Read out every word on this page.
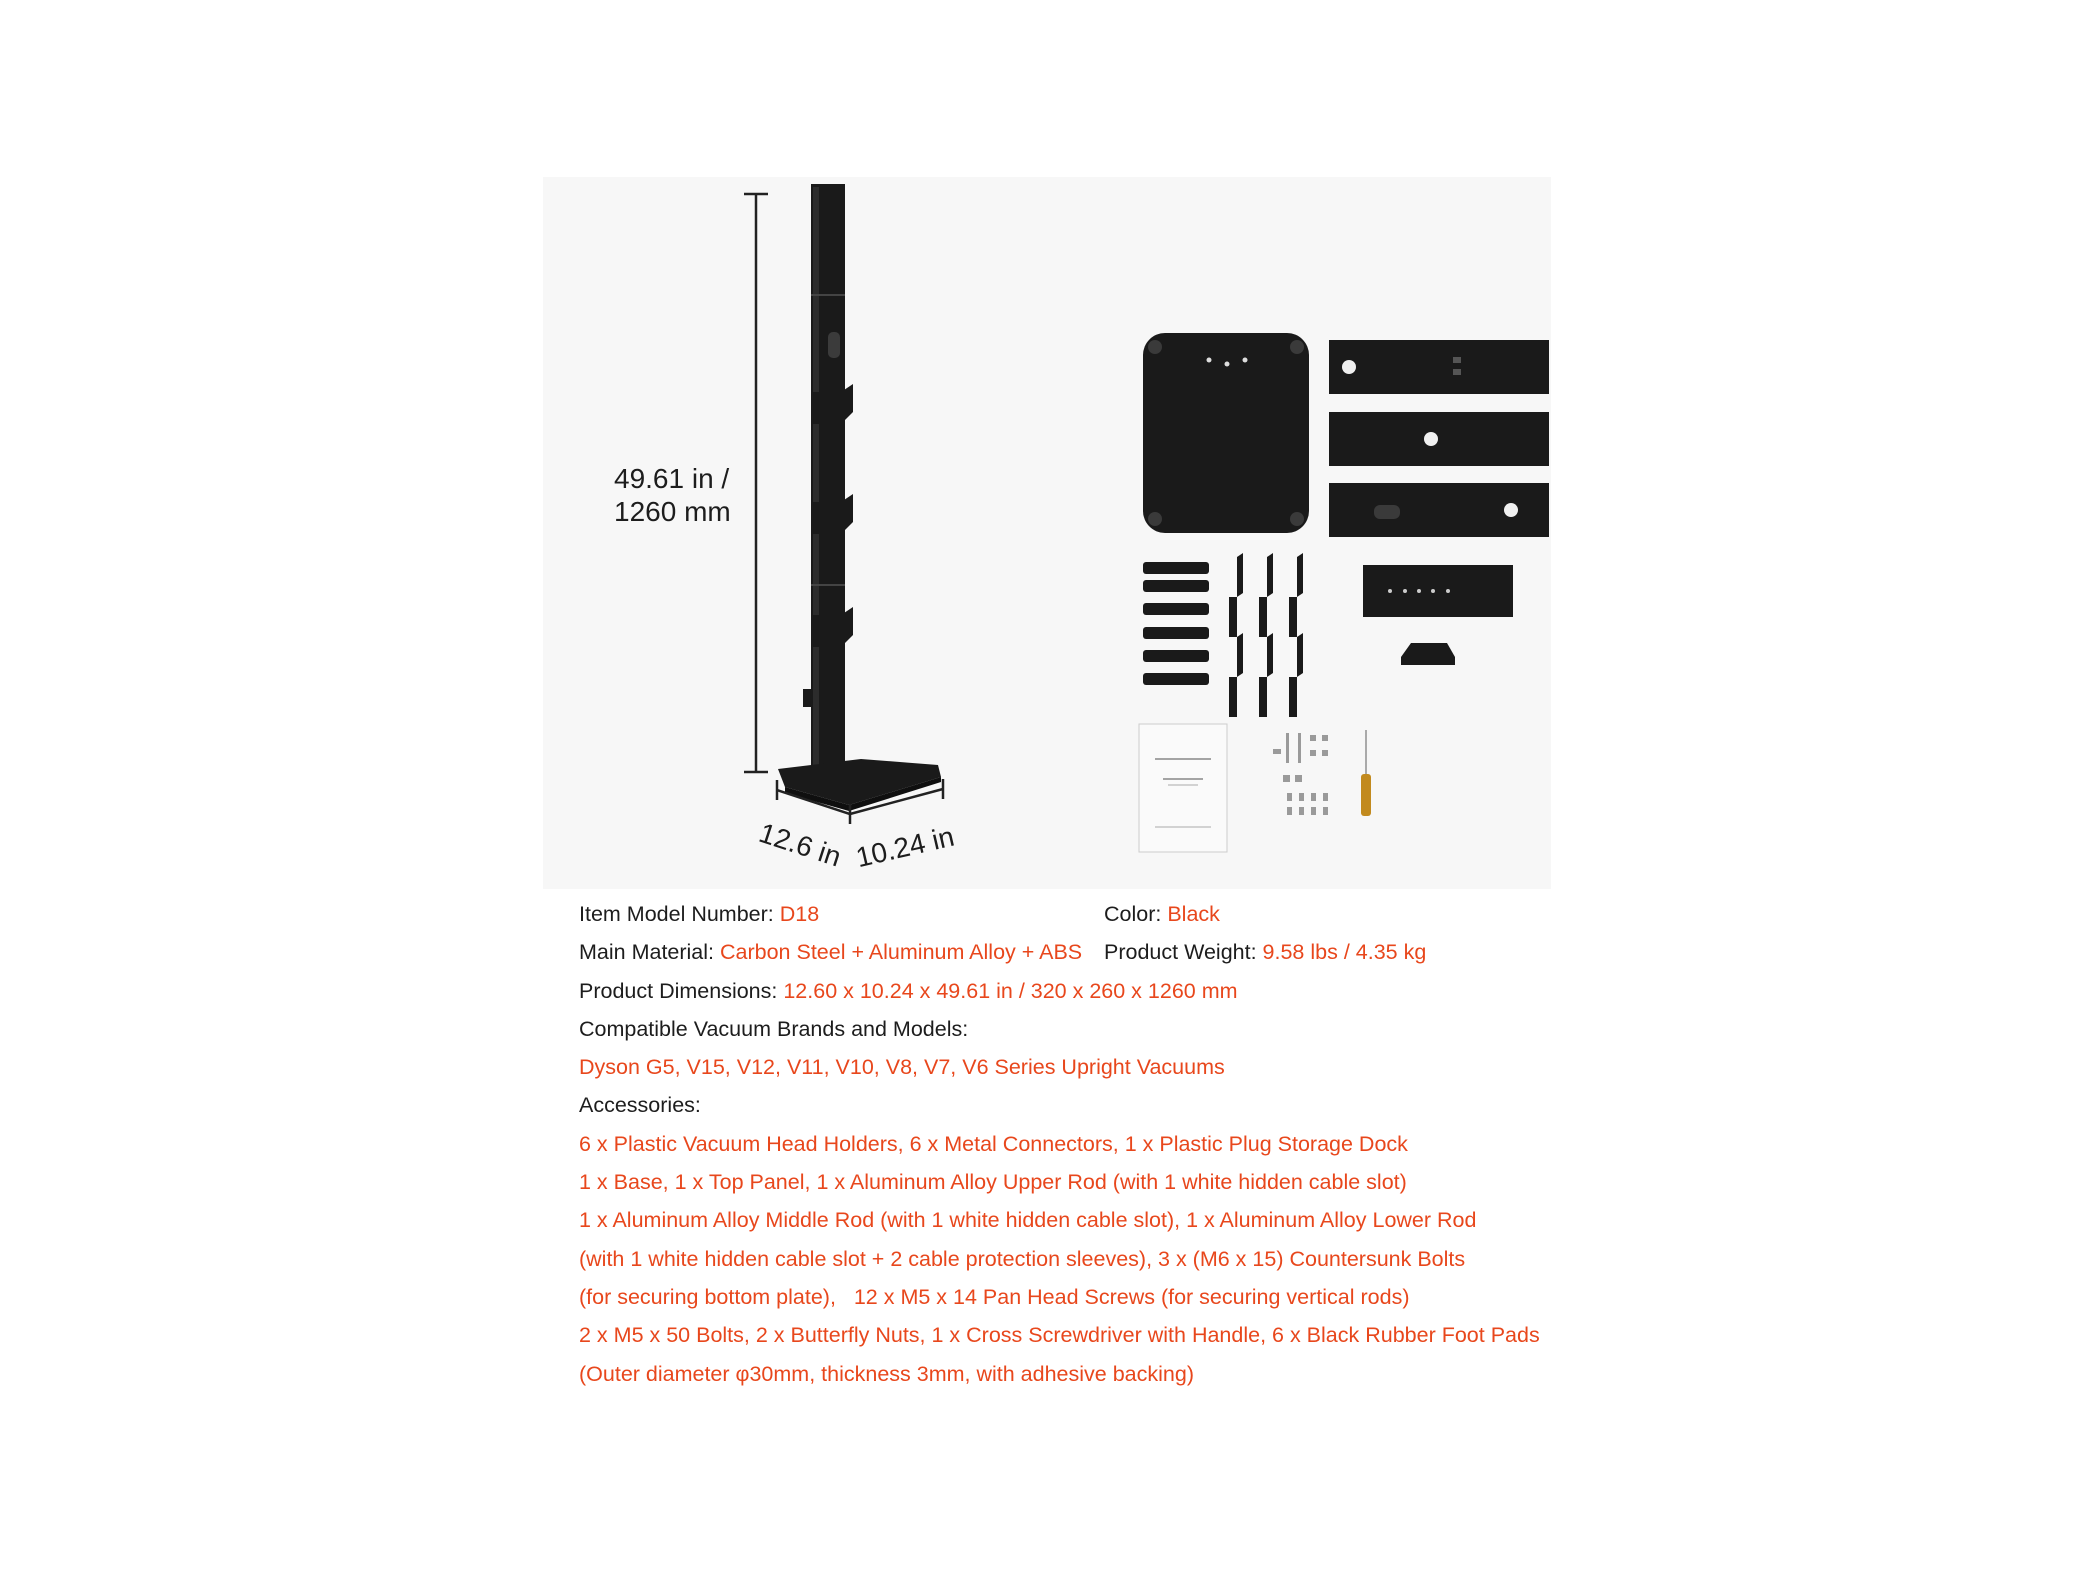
49.61 in /
1260 mm
12.6 in 10.24 in
Item Model Number: D18	Color: Black
Main Material: Carbon Steel + Aluminum Alloy + ABS Product Weight: 9.58 lbs / 4.35 kg
Product Dimensions: 12.60 x 10.24 x 49.61 in / 320 x 260 x 1260 mm
Compatible Vacuum Brands and Models:
Dyson G5, V15, V12, V11, V10, V8, V7, V6 Series Upright Vacuums
Accessories:
6 x Plastic Vacuum Head Holders, 6 x Metal Connectors, 1 x Plastic Plug Storage Dock
1 x Base, 1 x Top Panel, 1 x Aluminum Alloy Upper Rod (with 1 white hidden cable slot)
1 x Aluminum Alloy Middle Rod (with 1 white hidden cable slot), 1 x Aluminum Alloy Lower Rod
(with 1 white hidden cable slot + 2 cable protection sleeves), 3 x (M6 x 15) Countersunk Bolts
(for securing bottom plate),   12 x M5 x 14 Pan Head Screws (for securing vertical rods)
2 x M5 x 50 Bolts, 2 x Butterfly Nuts, 1 x Cross Screwdriver with Handle, 6 x Black Rubber Foot Pads
(Outer diameter φ30mm, thickness 3mm, with adhesive backing)
